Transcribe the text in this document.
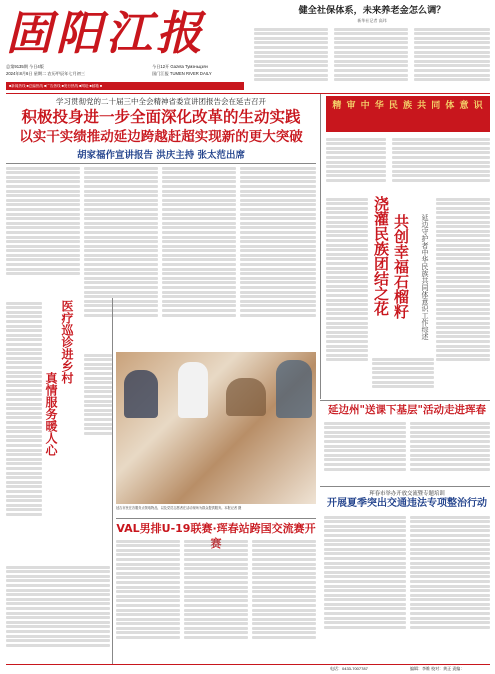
固阳江报
总第9135期 今日4版
2024年8月6日 星期二 农历甲辰年七月初三
今日12开 Gazeta Тумэньцзян
国门江报 TUMEN RIVER DAILY
■新闻热线 ■总编热线 ■广告热线 ■发行热线 ■网址 ■邮箱 ■
健全社保体系，未来养老金怎么调？
新华社记者 高玮
学习贯彻党的二十届三中全会精神省委宣讲团报告会在延吉召开
积极投身进一步全面深化改革的生动实践
以实干实绩推动延边跨越赶超实现新的更大突破
胡家福作宣讲报告 洪庆主持 张太范出席
精 审 中 华 民 族 共 同 体 意 识
浇灌民族团结之花 共创幸福石榴籽 延边守护者中华民族共同体意识工作综述
医疗巡诊进乡村
真情服务暖人心
延吉市民在各服务点领取物品，以及党员志愿者在活动现场为群众提供服务。本报记者 摄
VAL男排U-19联赛·珲春站跨国交流赛开赛
延边州"送课下基层"活动走进珲春
珲春市举办开放交流暨专题培训
开展夏季突出交通违法专项整治行动
电话：0433-7007787	编辑：李维 校对：黄正 责编：
